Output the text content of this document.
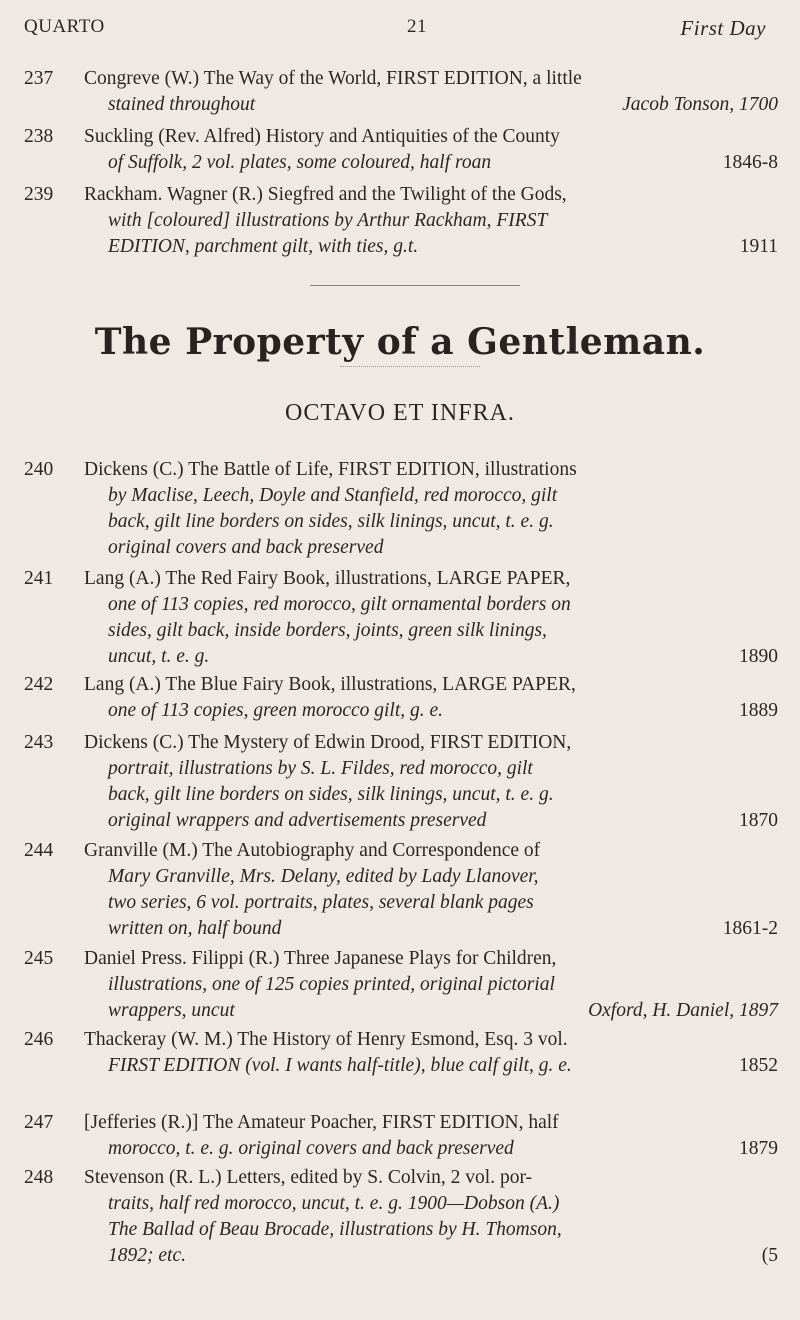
QUARTO	21	First Day
237	Congreve (W.) The Way of the World, FIRST EDITION, a little
stained throughout	Jacob Tonson, 1700
238	Suckling (Rev. Alfred) History and Antiquities of the County
of Suffolk, 2 vol. plates, some coloured, half roan	1846-8
239	Rackham. Wagner (R.) Siegfred and the Twilight of the Gods,
with [coloured] illustrations by Arthur Rackham, FIRST
EDITION, parchment gilt, with ties, g.t.	1911
The Property of a Gentleman.
OCTAVO ET INFRA.
240	Dickens (C.) The Battle of Life, FIRST EDITION, illustrations
by Maclise, Leech, Doyle and Stanfield, red morocco, gilt
back, gilt line borders on sides, silk linings, uncut, t. e. g.
original covers and back preserved
241	Lang (A.) The Red Fairy Book, illustrations, LARGE PAPER,
one of 113 copies, red morocco, gilt ornamental borders on
sides, gilt back, inside borders, joints, green silk linings,
uncut, t. e. g.	1890
242	Lang (A.) The Blue Fairy Book, illustrations, LARGE PAPER,
one of 113 copies, green morocco gilt, g. e.	1889
243	Dickens (C.) The Mystery of Edwin Drood, FIRST EDITION,
portrait, illustrations by S. L. Fildes, red morocco, gilt
back, gilt line borders on sides, silk linings, uncut, t. e. g.
original wrappers and advertisements preserved	1870
244	Granville (M.) The Autobiography and Correspondence of
Mary Granville, Mrs. Delany, edited by Lady Llanover,
two series, 6 vol. portraits, plates, several blank pages
written on, half bound	1861-2
245	Daniel Press. Filippi (R.) Three Japanese Plays for Children,
illustrations, one of 125 copies printed, original pictorial
wrappers, uncut	Oxford, H. Daniel, 1897
246	Thackeray (W. M.) The History of Henry Esmond, Esq. 3 vol.
FIRST EDITION (vol. I wants half-title), blue calf gilt, g. e.	1852
247	[Jefferies (R.)] The Amateur Poacher, FIRST EDITION, half
morocco, t. e. g. original covers and back preserved	1879
248	Stevenson (R. L.) Letters, edited by S. Colvin, 2 vol. por-
traits, half red morocco, uncut, t. e. g. 1900—Dobson (A.)
The Ballad of Beau Brocade, illustrations by H. Thomson,
1892; etc.	(5
